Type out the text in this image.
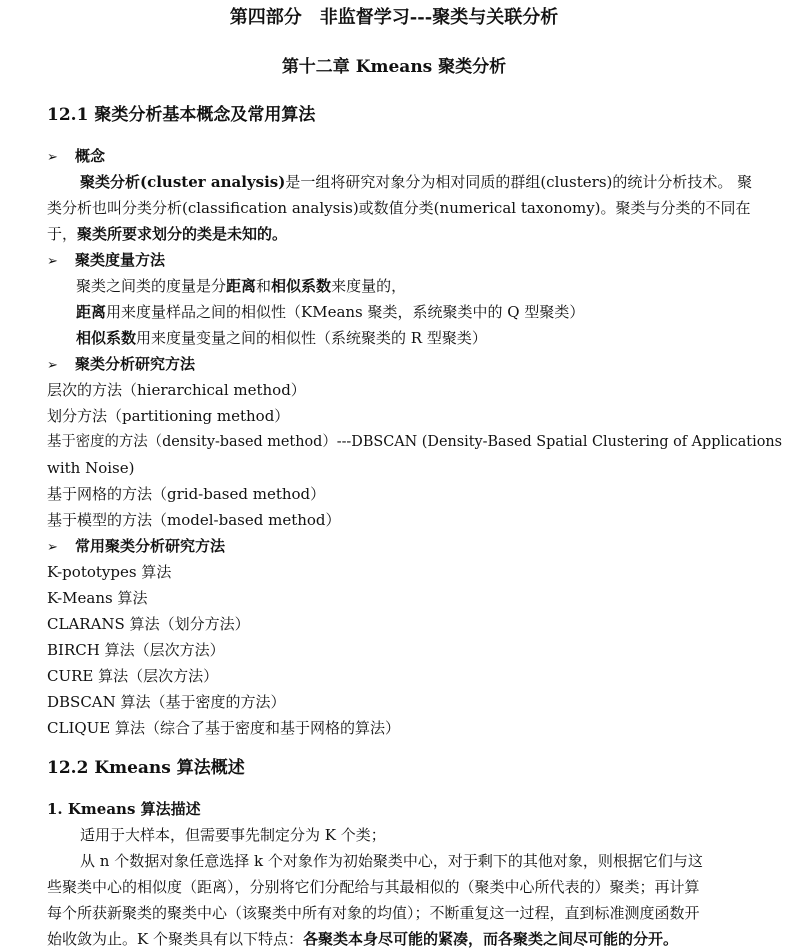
第四部分　非监督学习---聚类与关联分析
第十二章 Kmeans 聚类分析
12.1 聚类分析基本概念及常用算法
➢ 概念
聚类分析(cluster analysis)是一组将研究对象分为相对同质的群组(clusters)的统计分析技术。 聚
类分析也叫分类分析(classification analysis)或数值分类(numerical taxonomy)。聚类与分类的不同在
于，聚类所要求划分的类是未知的。
➢ 聚类度量方法
聚类之间类的度量是分距离和相似系数来度量的，
距离用来度量样品之间的相似性（KMeans 聚类，系统聚类中的 Q 型聚类）
相似系数用来度量变量之间的相似性（系统聚类的 R 型聚类）
➢ 聚类分析研究方法
层次的方法（hierarchical method）
划分方法（partitioning method）
基于密度的方法（density-based method）---DBSCAN (Density-Based Spatial Clustering of Applications
with Noise)
基于网格的方法（grid-based method）
基于模型的方法（model-based method）
➢ 常用聚类分析研究方法
K-pototypes 算法
K-Means 算法
CLARANS 算法（划分方法）
BIRCH 算法（层次方法）
CURE 算法（层次方法）
DBSCAN 算法（基于密度的方法）
CLIQUE 算法（综合了基于密度和基于网格的算法）
12.2 Kmeans 算法概述
1. Kmeans 算法描述
适用于大样本，但需要事先制定分为 K 个类；
从 n 个数据对象任意选择 k 个对象作为初始聚类中心，对于剩下的其他对象，则根据它们与这
些聚类中心的相似度（距离），分别将它们分配给与其最相似的（聚类中心所代表的）聚类；再计算
每个所获新聚类的聚类中心（该聚类中所有对象的均值）；不断重复这一过程，直到标准测度函数开
始收敛为止。K 个聚类具有以下特点：各聚类本身尽可能的紧凑，而各聚类之间尽可能的分开。
